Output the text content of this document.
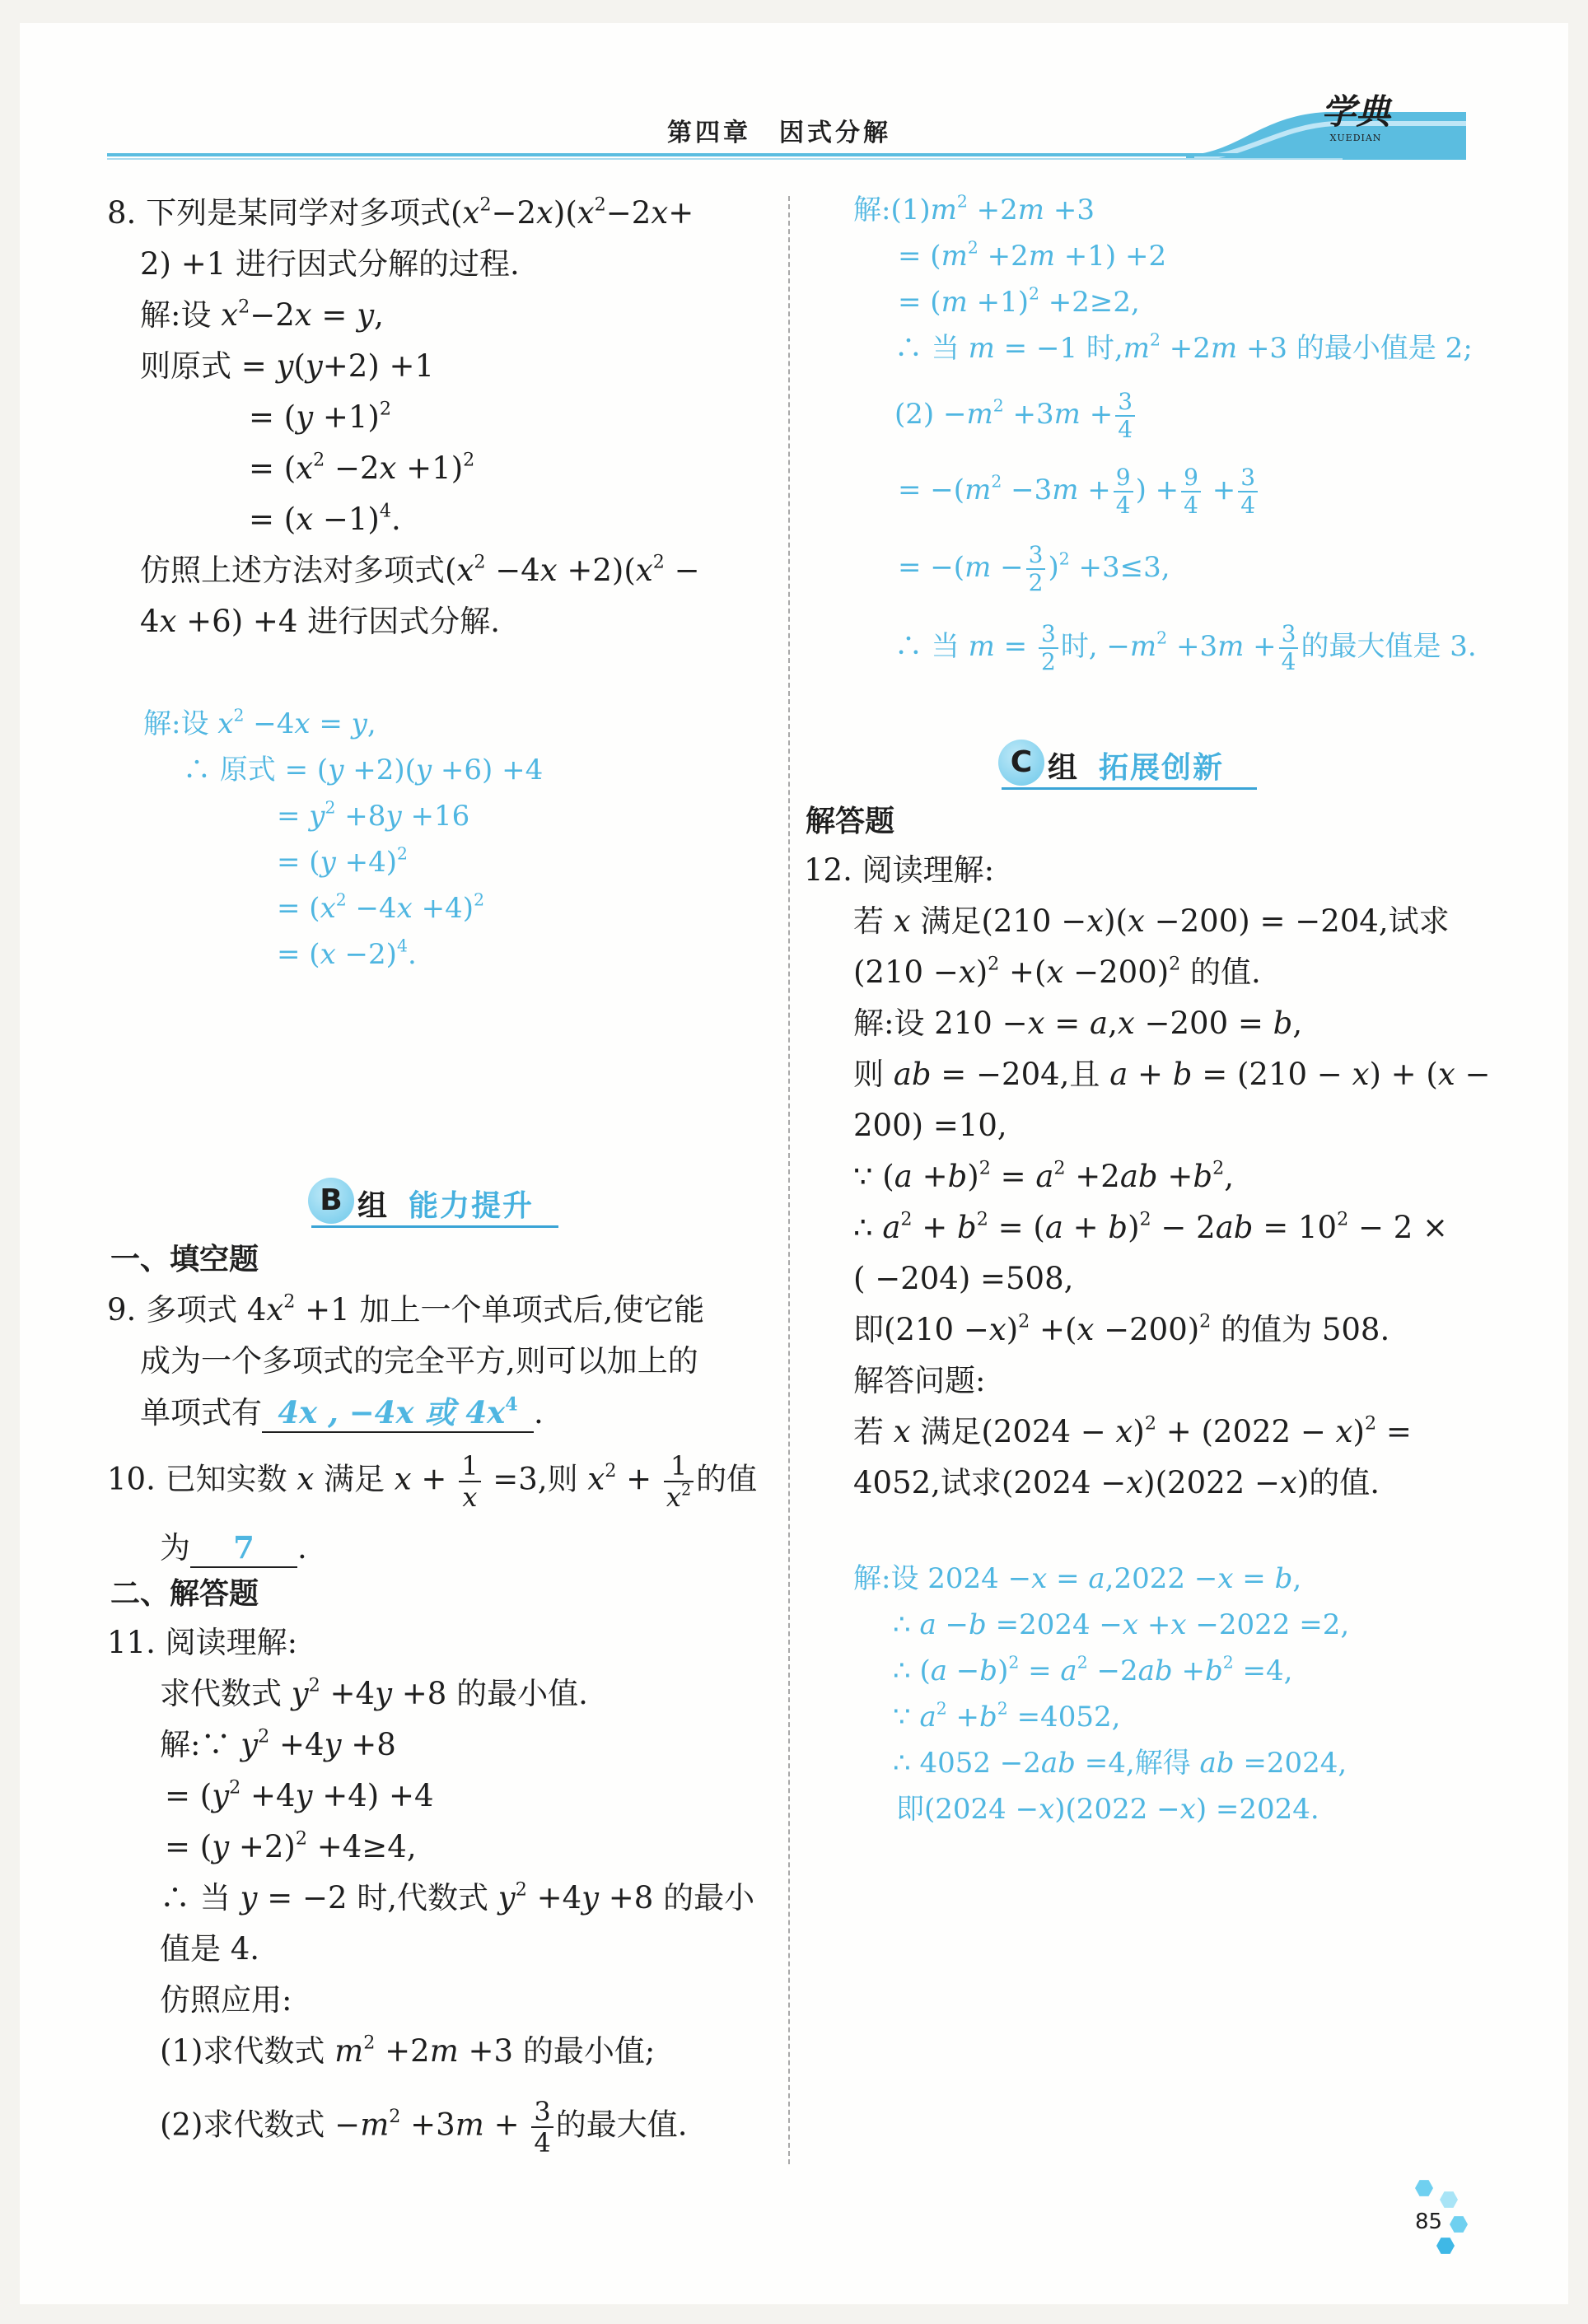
第四章　因式分解
学典
XUEDIAN
8. 下列是某同学对多项式$(x^2-2x)(x^2-2x+$
2) +1 进行因式分解的过程.
解:设 $x^2-2x = y$,
则原式 = y(y+2) +1
= $(y +1)^2$
= $(x^2 -2x +1)^2$
= $(x -1)^4$.
仿照上述方法对多项式$(x^2 -4x +2)(x^2$ −
4x +6) +4 进行因式分解.
解:设 $x^2 -4x = y$,
∴ 原式 = (y +2)(y +6) +4
= $y^2 +8y +16$
= $(y +4)^2$
= $(x^2 -4x +4)^2$
= $(x -2)^4$.
B 组 能力提升
一、填空题
9. 多项式 $4x^2 +1$ 加上一个单项式后,使它能
成为一个多项式的完全平方,则可以加上的
单项式有 4x , −4x 或 $4x^4$ .
10. 已知实数 x 满足 $x + \frac{1}{x} =3$,则 $x^2 + \frac{1}{x^2}$ 的值
为 7 .
二、解答题
11. 阅读理解:
求代数式 $y^2 +4y +8$ 的最小值.
解:∵ $y^2 +4y +8$
= $(y^2 +4y +4) +4$
= $(y +2)^2 +4\ge 4$,
∴ 当 y = −2 时,代数式 $y^2 +4y +8$ 的最小
值是 4.
仿照应用:
(1)求代数式 $m^2 +2m +3$ 的最小值;
(2)求代数式 $-m^2 +3m + \frac{3}{4}$ 的最大值.
解$:(1)m^2 +2m +3$
= $(m^2 +2m +1) +2$
= $(m +1)^2 +2\ge 2$,
∴ 当 m = −1 时$,m^2 +2m +3$ 的最小值是 2;
$(2) -m^2 +3m + \frac{3}{4}$
= $-(m^2 -3m + \frac{9}{4}$ ) + $\frac{9}{4} + \frac{3}{4}$
= $-(m - \frac{3}{2} )^2 +3\le 3$,
∴ 当 $m = \frac{3}{2}$ 时, $-m^2 +3m + \frac{3}{4}$ 的最大值是 3.
C 组 拓展创新
解答题
12. 阅读理解:
若 x 满足(210 −x)(x −200) = −204,试求
$(210 -x)^2 +(x -200)^2$ 的值.
解:设 210 −x = a,x −200 = b,
则 ab = −204,且 a + b = (210 − x) + (x −
200) =10,
∵ $(a +b)^2 = a^2 +2ab +b^2$,
∴ $a^2 + b^2 = (a + b)^2 - 2ab = 10^2 - 2$ ×
( −204) =508,
即$(210 -x)^2 +(x -200)^2$ 的值为 508.
解答问题:
若 x 满足$(2024 - x)^2 + (2022 - x)^2$ =
4052,试求(2024 −x)(2022 −x)的值.
解:设 2024 −x = a,2022 −x = b,
∴ a −b =2024 −x +x −2022 =2,
∴ $(a -b)^2 = a^2 -2ab +b^2 =4$,
∵ $a^2 +b^2 =4052$,
∴ 4052 −2ab =4,解得 ab =2024,
即(2024 −x)(2022 −x) =2024.
85
